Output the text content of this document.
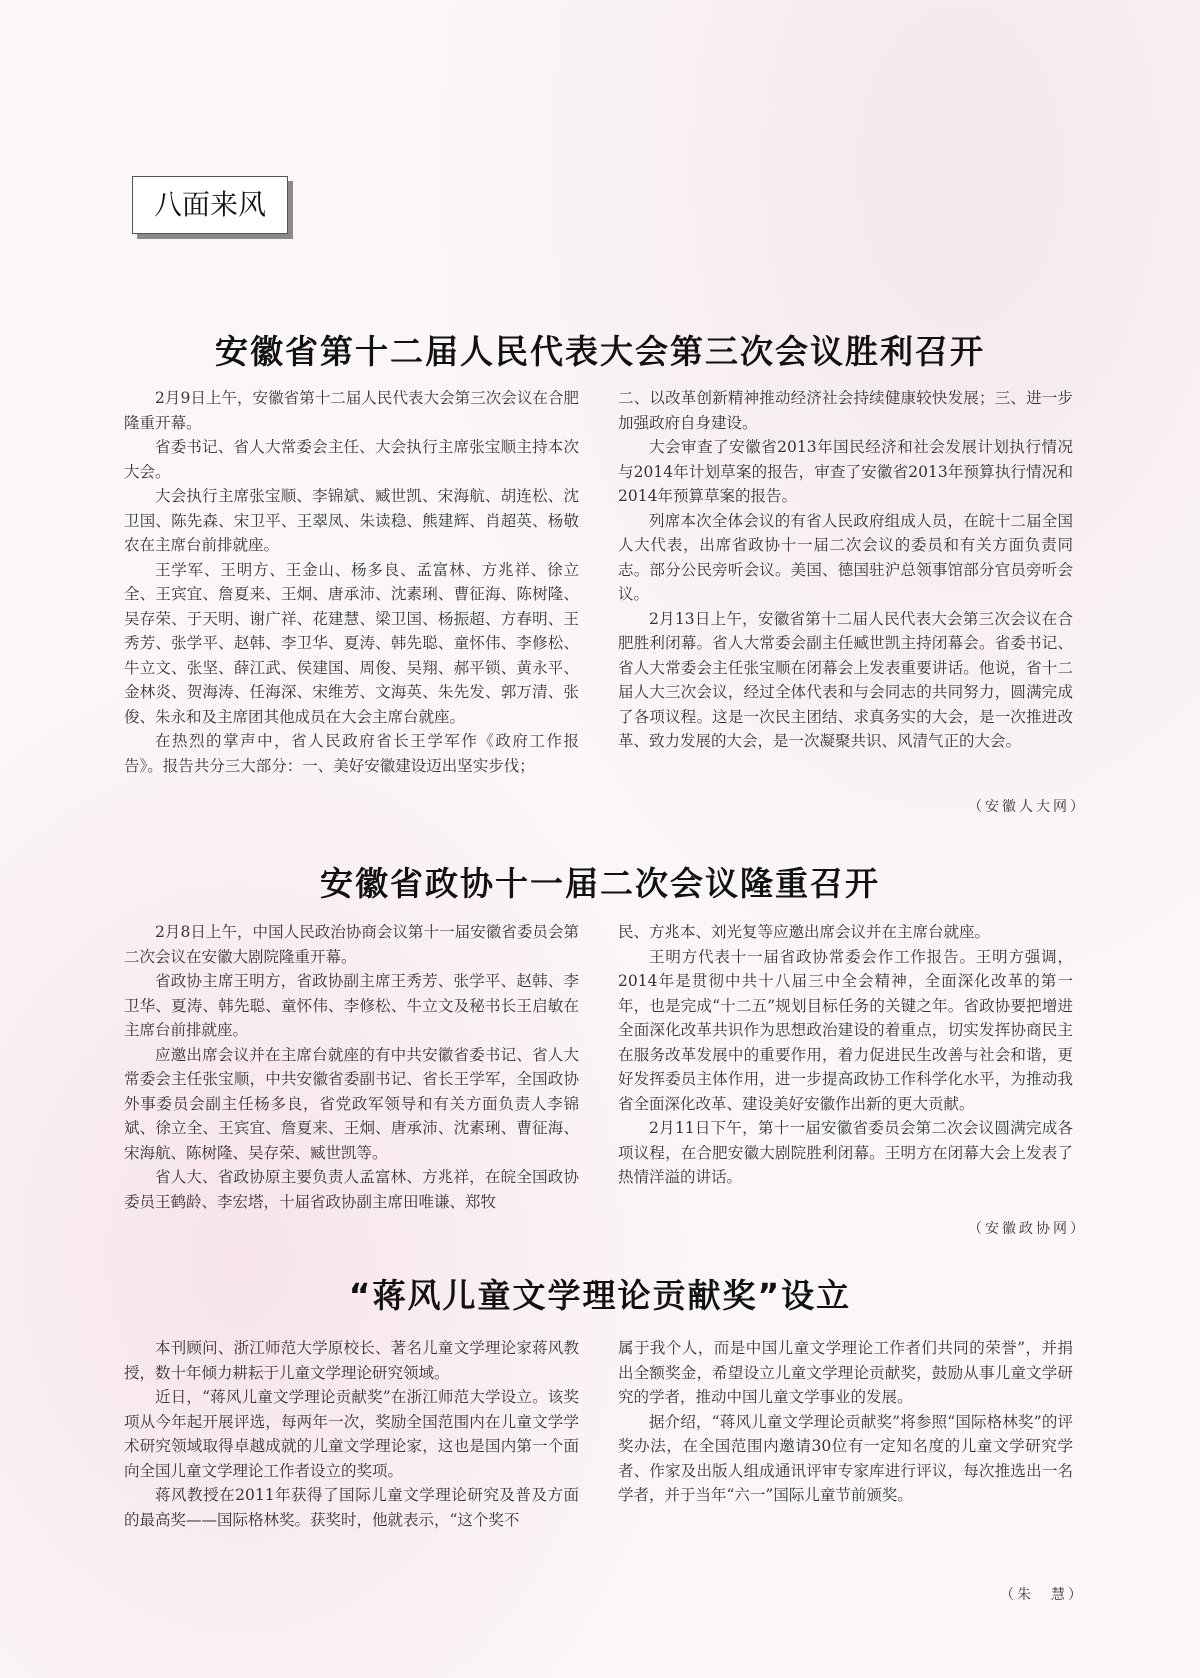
八面来风
安徽省第十二届人民代表大会第三次会议胜利召开

2月9日上午，安徽省第十二届人民代表大会第三次会议在合肥隆重开幕。

省委书记、省人大常委会主任、大会执行主席张宝顺主持本次大会。

大会执行主席张宝顺、李锦斌、臧世凯、宋海航、胡连松、沈卫国、陈先森、宋卫平、王翠凤、朱读稳、熊建辉、肖超英、杨敬农在主席台前排就座。

王学军、王明方、王金山、杨多良、孟富林、方兆祥、徐立全、王宾宜、詹夏来、王炯、唐承沛、沈素琍、曹征海、陈树隆、吴存荣、于天明、谢广祥、花建慧、梁卫国、杨振超、方春明、王秀芳、张学平、赵韩、李卫华、夏涛、韩先聪、童怀伟、李修松、牛立文、张坚、薛江武、侯建国、周俊、吴翔、郝平锁、黄永平、金林炎、贺海涛、任海深、宋维芳、文海英、朱先发、郭万清、张俊、朱永和及主席团其他成员在大会主席台就座。

在热烈的掌声中，省人民政府省长王学军作《政府工作报告》。报告共分三大部分：一、美好安徽建设迈出坚实步伐；

二、以改革创新精神推动经济社会持续健康较快发展；三、进一步加强政府自身建设。

大会审查了安徽省2013年国民经济和社会发展计划执行情况与2014年计划草案的报告，审查了安徽省2013年预算执行情况和2014年预算草案的报告。

列席本次全体会议的有省人民政府组成人员，在皖十二届全国人大代表，出席省政协十一届二次会议的委员和有关方面负责同志。部分公民旁听会议。美国、德国驻沪总领事馆部分官员旁听会议。

2月13日上午，安徽省第十二届人民代表大会第三次会议在合肥胜利闭幕。省人大常委会副主任臧世凯主持闭幕会。省委书记、省人大常委会主任张宝顺在闭幕会上发表重要讲话。他说，省十二届人大三次会议，经过全体代表和与会同志的共同努力，圆满完成了各项议程。这是一次民主团结、求真务实的大会，是一次推进改革、致力发展的大会，是一次凝聚共识、风清气正的大会。

（安徽人大网）
安徽省政协十一届二次会议隆重召开

2月8日上午，中国人民政治协商会议第十一届安徽省委员会第二次会议在安徽大剧院隆重开幕。

省政协主席王明方，省政协副主席王秀芳、张学平、赵韩、李卫华、夏涛、韩先聪、童怀伟、李修松、牛立文及秘书长王启敏在主席台前排就座。

应邀出席会议并在主席台就座的有中共安徽省委书记、省人大常委会主任张宝顺，中共安徽省委副书记、省长王学军，全国政协外事委员会副主任杨多良，省党政军领导和有关方面负责人李锦斌、徐立全、王宾宜、詹夏来、王炯、唐承沛、沈素琍、曹征海、宋海航、陈树隆、吴存荣、臧世凯等。

省人大、省政协原主要负责人孟富林、方兆祥，在皖全国政协委员王鹤龄、李宏塔，十届省政协副主席田唯谦、郑牧

民、方兆本、刘光复等应邀出席会议并在主席台就座。

王明方代表十一届省政协常委会作工作报告。王明方强调，2014年是贯彻中共十八届三中全会精神，全面深化改革的第一年，也是完成“十二五”规划目标任务的关键之年。省政协要把增进全面深化改革共识作为思想政治建设的着重点，切实发挥协商民主在服务改革发展中的重要作用，着力促进民生改善与社会和谐，更好发挥委员主体作用，进一步提高政协工作科学化水平，为推动我省全面深化改革、建设美好安徽作出新的更大贡献。

2月11日下午，第十一届安徽省委员会第二次会议圆满完成各项议程，在合肥安徽大剧院胜利闭幕。王明方在闭幕大会上发表了热情洋溢的讲话。

（安徽政协网）
“蒋风儿童文学理论贡献奖”设立

本刊顾问、浙江师范大学原校长、著名儿童文学理论家蒋风教授，数十年倾力耕耘于儿童文学理论研究领域。

近日，“蒋风儿童文学理论贡献奖”在浙江师范大学设立。该奖项从今年起开展评选，每两年一次，奖励全国范围内在儿童文学学术研究领域取得卓越成就的儿童文学理论家，这也是国内第一个面向全国儿童文学理论工作者设立的奖项。

蒋风教授在2011年获得了国际儿童文学理论研究及普及方面的最高奖——国际格林奖。获奖时，他就表示，“这个奖不

属于我个人，而是中国儿童文学理论工作者们共同的荣誉”，并捐出全额奖金，希望设立儿童文学理论贡献奖，鼓励从事儿童文学研究的学者，推动中国儿童文学事业的发展。

据介绍，“蒋风儿童文学理论贡献奖”将参照“国际格林奖”的评奖办法，在全国范围内邀请30位有一定知名度的儿童文学研究学者、作家及出版人组成通讯评审专家库进行评议，每次推选出一名学者，并于当年“六一”国际儿童节前颁奖。

（朱　慧）
